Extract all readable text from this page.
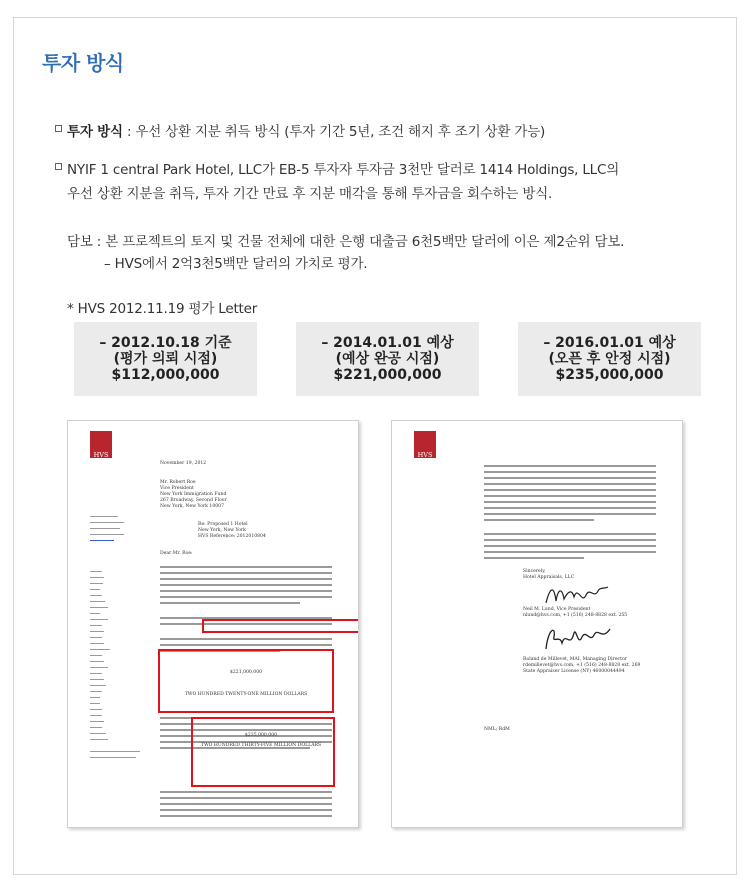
투자 방식
투자 방식 : 우선 상환 지분 취득 방식 (투자 기간 5년, 조건 해지 후 조기 상환 가능)
NYIF 1 central Park Hotel, LLC가 EB-5 투자자 투자금 3천만 달러로 1414 Holdings, LLC의
우선 상환 지분을 취득, 투자 기간 만료 후 지분 매각을 통해 투자금을 회수하는 방식.
담보 : 본 프로젝트의 토지 및 건물 전체에 대한 은행 대출금 6천5백만 달러에 이은 제2순위 담보.
– HVS에서 2억3천5백만 달러의 가치로 평가.
* HVS 2012.11.19 평가 Letter
– 2012.10.18 기준
(평가 의뢰 시점)
$112,000,000
– 2014.01.01 예상
(예상 완공 시점)
$221,000,000
– 2016.01.01 예상
(오픈 후 안정 시점)
$235,000,000
HVS
November 19, 2012
Mr. Robert Roe
Vice President
New York Immigration Fund
267 Broadway, Second Floor
New York, New York 10007
Re: Proposed 1 Hotel
New York, New York
HVS Reference: 2012010804
Dear Mr. Roe:
$221,000,000
TWO HUNDRED TWENTY-ONE MILLION DOLLARS
$235,000,000
TWO HUNDRED THIRTY-FIVE MILLION DOLLARS
HVS
Sincerely,
Hotel Appraisals, LLC
Neil M. Lund, Vice President
nlund@hvs.com, +1 (516) 248-8828 ext. 255
Roland de Millevet, MAI, Managing Director
rdemillevet@hvs.com, +1 (516) 248-8828 ext. 269
State Appraiser License (NY) 46000044494
NML; RdM
